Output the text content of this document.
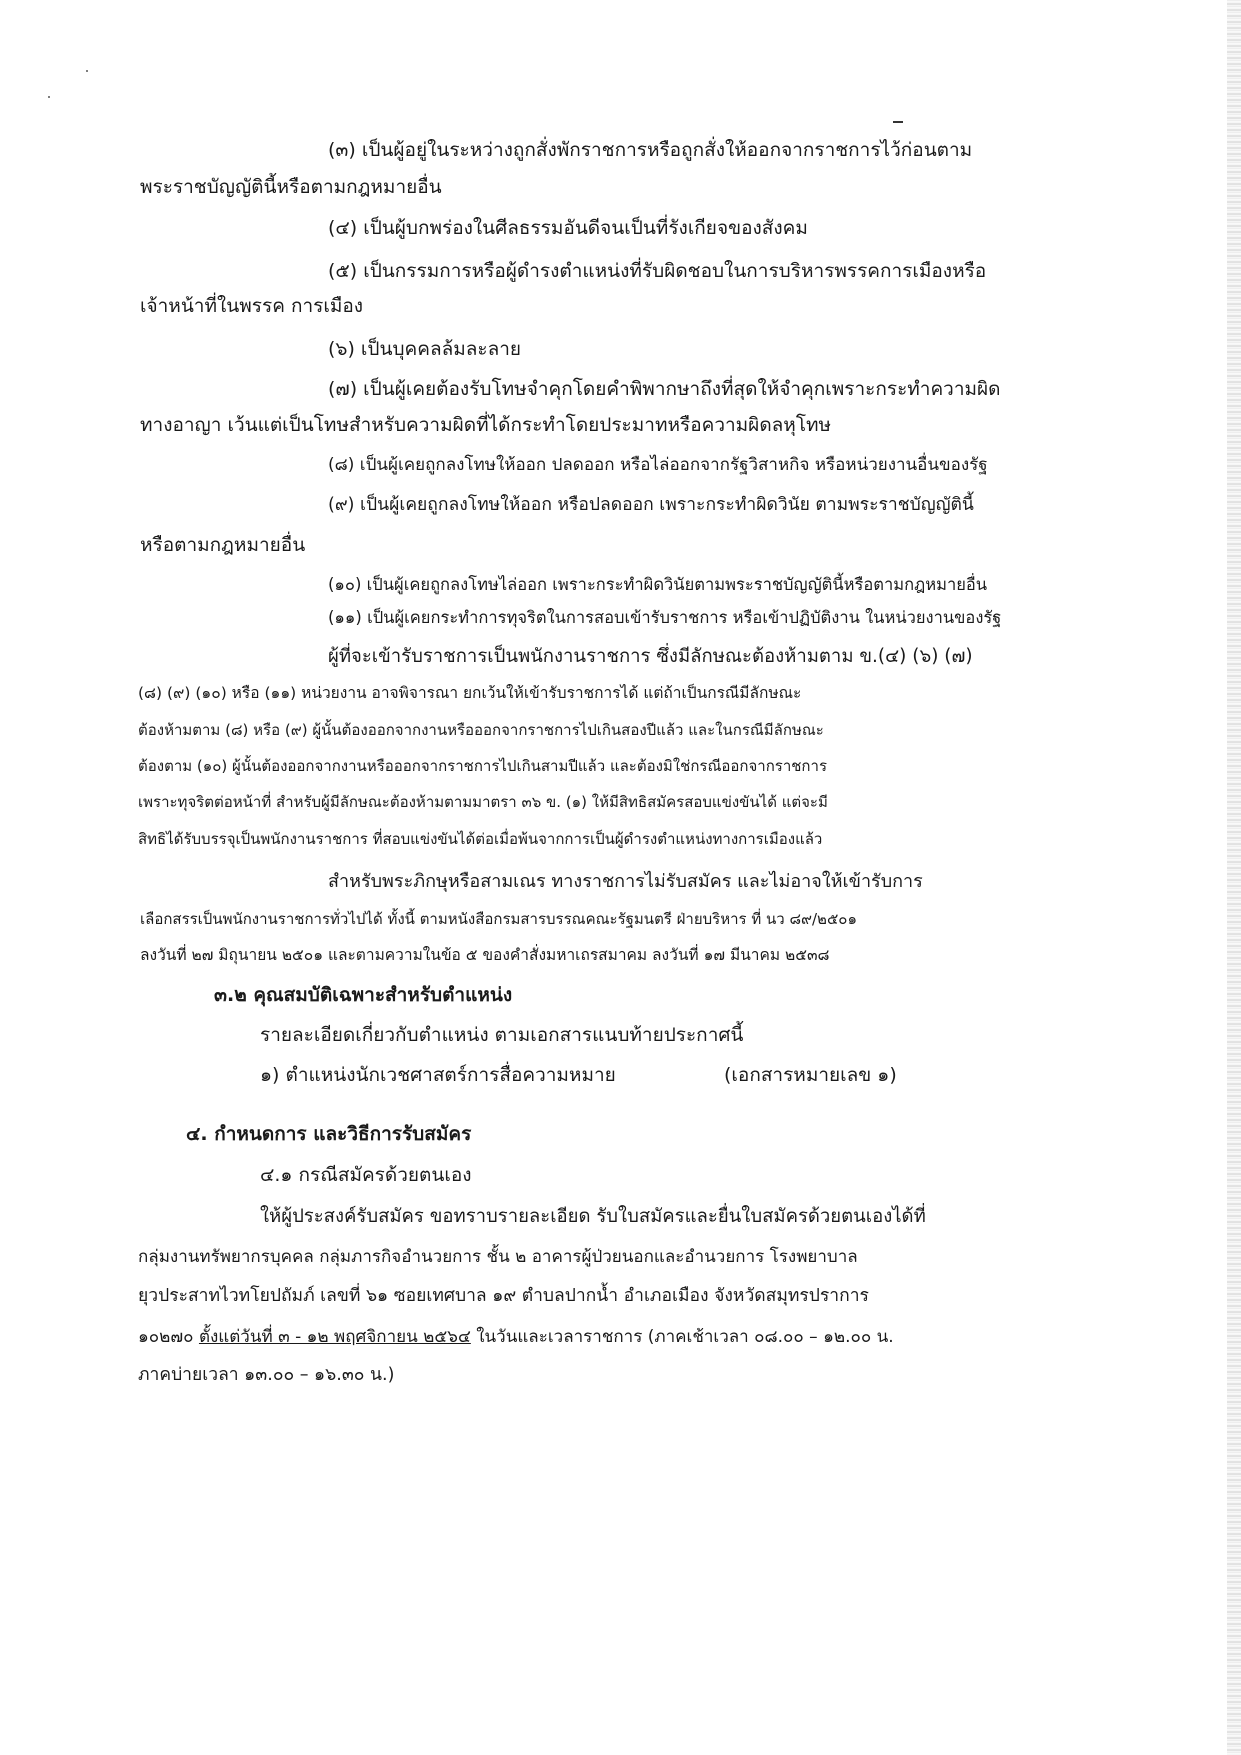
(๓) เป็นผู้อยู่ในระหว่างถูกสั่งพักราชการหรือถูกสั่งให้ออกจากราชการไว้ก่อนตาม
พระราชบัญญัตินี้หรือตามกฎหมายอื่น
(๔) เป็นผู้บกพร่องในศีลธรรมอันดีจนเป็นที่รังเกียจของสังคม
(๕) เป็นกรรมการหรือผู้ดำรงตำแหน่งที่รับผิดชอบในการบริหารพรรคการเมืองหรือ
เจ้าหน้าที่ในพรรค การเมือง
(๖) เป็นบุคคลล้มละลาย
(๗) เป็นผู้เคยต้องรับโทษจำคุกโดยคำพิพากษาถึงที่สุดให้จำคุกเพราะกระทำความผิด
ทางอาญา เว้นแต่เป็นโทษสำหรับความผิดที่ได้กระทำโดยประมาทหรือความผิดลหุโทษ
(๘) เป็นผู้เคยถูกลงโทษให้ออก ปลดออก หรือไล่ออกจากรัฐวิสาหกิจ หรือหน่วยงานอื่นของรัฐ
(๙) เป็นผู้เคยถูกลงโทษให้ออก หรือปลดออก เพราะกระทำผิดวินัย ตามพระราชบัญญัตินี้
หรือตามกฎหมายอื่น
(๑๐) เป็นผู้เคยถูกลงโทษไล่ออก เพราะกระทำผิดวินัยตามพระราชบัญญัตินี้หรือตามกฎหมายอื่น
(๑๑) เป็นผู้เคยกระทำการทุจริตในการสอบเข้ารับราชการ หรือเข้าปฏิบัติงาน ในหน่วยงานของรัฐ
ผู้ที่จะเข้ารับราชการเป็นพนักงานราชการ ซึ่งมีลักษณะต้องห้ามตาม ข.(๔) (๖) (๗)
(๘) (๙) (๑๐) หรือ (๑๑) หน่วยงาน อาจพิจารณา ยกเว้นให้เข้ารับราชการได้ แต่ถ้าเป็นกรณีมีลักษณะ
ต้องห้ามตาม (๘) หรือ (๙) ผู้นั้นต้องออกจากงานหรือออกจากราชการไปเกินสองปีแล้ว และในกรณีมีลักษณะ
ต้องตาม (๑๐) ผู้นั้นต้องออกจากงานหรือออกจากราชการไปเกินสามปีแล้ว และต้องมิใช่กรณีออกจากราชการ
เพราะทุจริตต่อหน้าที่ สำหรับผู้มีลักษณะต้องห้ามตามมาตรา ๓๖ ข. (๑) ให้มีสิทธิสมัครสอบแข่งขันได้ แต่จะมี
สิทธิได้รับบรรจุเป็นพนักงานราชการ ที่สอบแข่งขันได้ต่อเมื่อพ้นจากการเป็นผู้ดำรงตำแหน่งทางการเมืองแล้ว
สำหรับพระภิกษุหรือสามเณร ทางราชการไม่รับสมัคร และไม่อาจให้เข้ารับการ
เลือกสรรเป็นพนักงานราชการทั่วไปได้ ทั้งนี้ ตามหนังสือกรมสารบรรณคณะรัฐมนตรี ฝ่ายบริหาร ที่ นว ๘๙/๒๕๐๑
ลงวันที่ ๒๗ มิถุนายน ๒๕๐๑ และตามความในข้อ ๕ ของคำสั่งมหาเถรสมาคม ลงวันที่ ๑๗ มีนาคม ๒๕๓๘
๓.๒ คุณสมบัติเฉพาะสำหรับตำแหน่ง
รายละเอียดเกี่ยวกับตำแหน่ง ตามเอกสารแนบท้ายประกาศนี้
๑) ตำแหน่งนักเวชศาสตร์การสื่อความหมาย	(เอกสารหมายเลข ๑)
๔. กำหนดการ และวิธีการรับสมัคร
๔.๑ กรณีสมัครด้วยตนเอง
ให้ผู้ประสงค์รับสมัคร ขอทราบรายละเอียด รับใบสมัครและยื่นใบสมัครด้วยตนเองได้ที่
กลุ่มงานทรัพยากรบุคคล กลุ่มภารกิจอำนวยการ ชั้น ๒ อาคารผู้ป่วยนอกและอำนวยการ โรงพยาบาล
ยุวประสาทไวทโยปถัมภ์ เลขที่ ๖๑ ซอยเทศบาล ๑๙ ตำบลปากน้ำ อำเภอเมือง จังหวัดสมุทรปราการ
๑๐๒๗๐ ตั้งแต่วันที่ ๓ - ๑๒ พฤศจิกายน ๒๕๖๔ ในวันและเวลาราชการ (ภาคเช้าเวลา ๐๘.๐๐ – ๑๒.๐๐ น.
ภาคบ่ายเวลา ๑๓.๐๐ – ๑๖.๓๐ น.)
